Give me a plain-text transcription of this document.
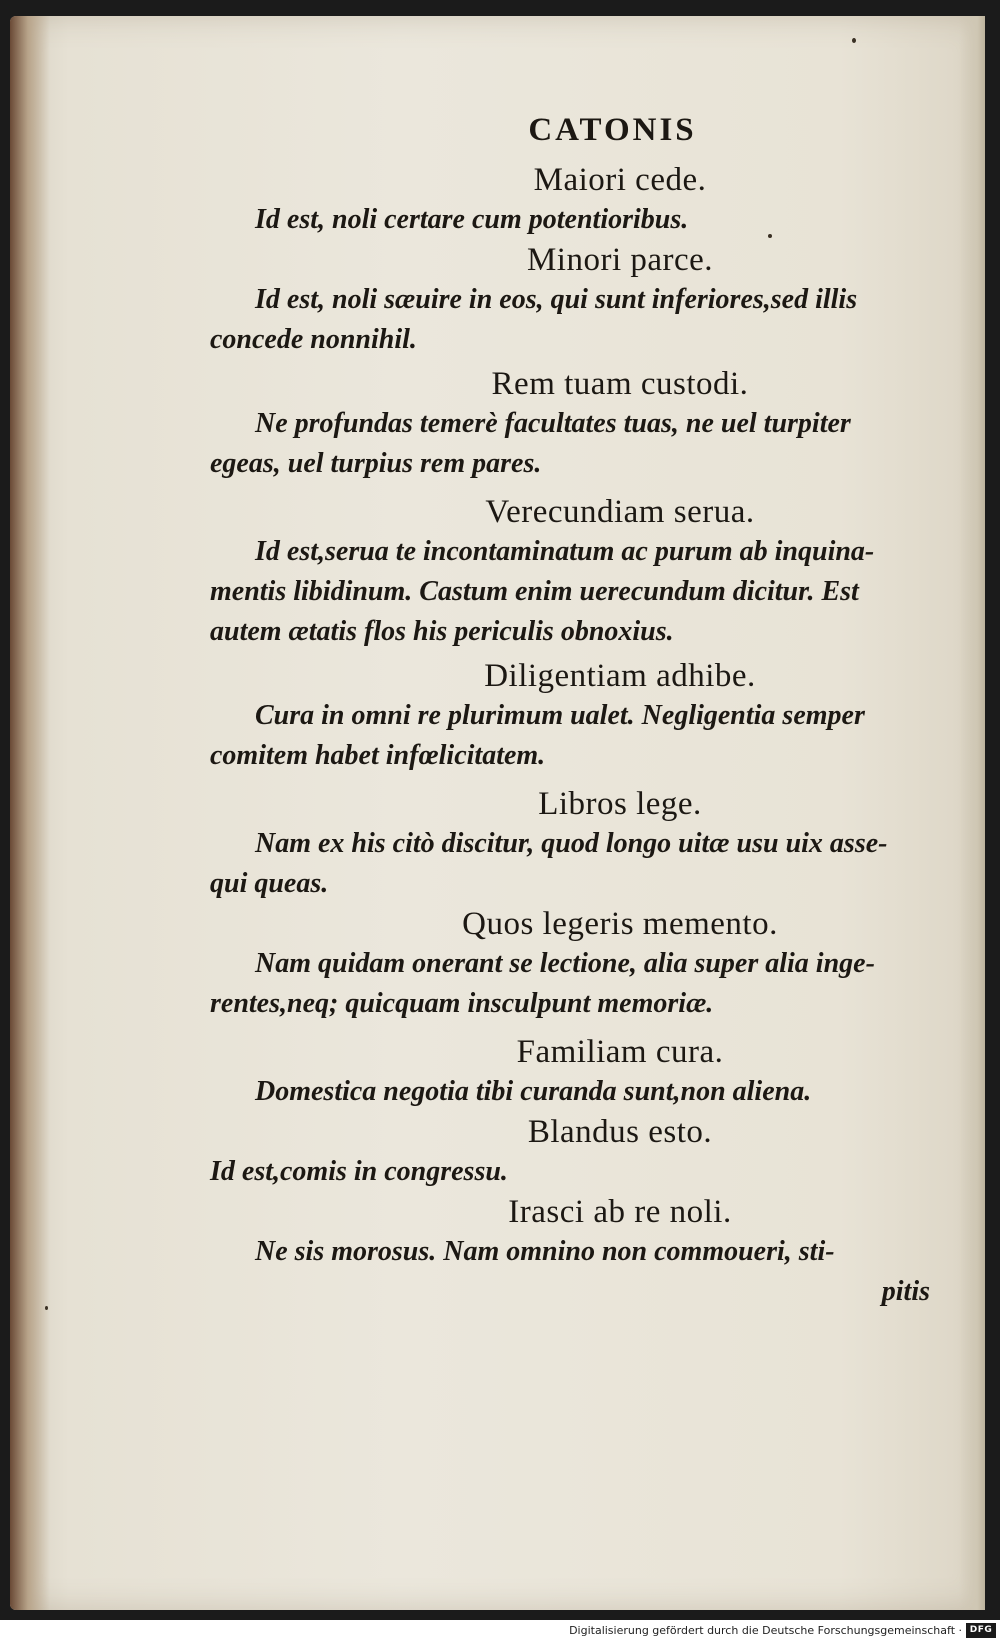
CATONIS
Maiori cede.
Id est, noli certare cum potentioribus.
Minori parce.
Id est, noli sæuire in eos, qui sunt inferiores,sed illis
concede nonnihil.
Rem tuam custodi.
Ne profundas temerè facultates tuas, ne uel turpiter
egeas, uel turpius rem pares.
Verecundiam serua.
Id est,serua te incontaminatum ac purum ab inquina-
mentis libidinum. Castum enim uerecundum dicitur. Est
autem ætatis flos his periculis obnoxius.
Diligentiam adhibe.
Cura in omni re plurimum ualet. Negligentia semper
comitem habet infœlicitatem.
Libros lege.
Nam ex his citò discitur, quod longo uitæ usu uix asse-
qui queas.
Quos legeris memento.
Nam quidam onerant se lectione, alia super alia inge-
rentes,neq; quicquam insculpunt memoriæ.
Familiam cura.
Domestica negotia tibi curanda sunt,non aliena.
Blandus esto.
Id est,comis in congressu.
Irasci ab re noli.
Ne sis morosus. Nam omnino non commoueri, sti-
pitis
Digitalisierung gefördert durch die Deutsche Forschungsgemeinschaft · DFG
